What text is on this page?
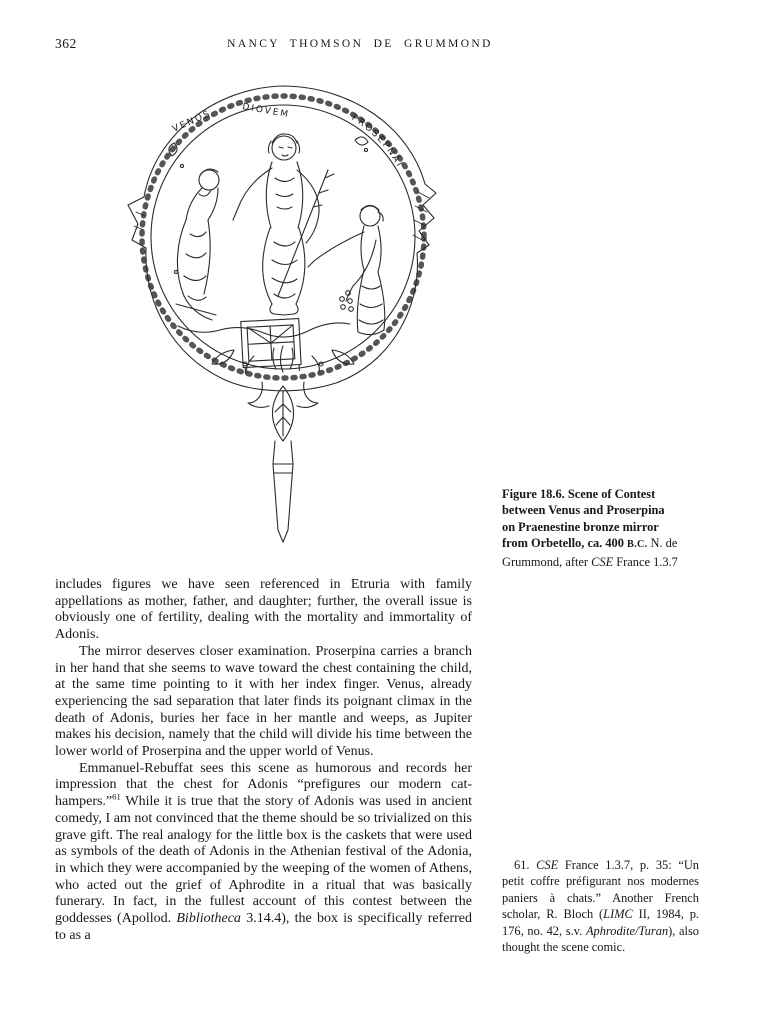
362	NANCY THOMSON DE GRUMMOND
VENOS	DIOVEM	PROSEPNAI
Figure 18.6. Scene of Contest between Venus and Proserpina on Praenestine bronze mirror from Orbetello, ca. 400 B.C. N. de Grummond, after CSE France 1.3.7

includes figures we have seen referenced in Etruria with family appellations as mother, father, and daughter; further, the overall issue is obviously one of fertility, dealing with the mortality and immortality of Adonis.

The mirror deserves closer examination. Proserpina carries a branch in her hand that she seems to wave toward the chest containing the child, at the same time pointing to it with her index finger. Venus, already experiencing the sad separation that later finds its poignant climax in the death of Adonis, buries her face in her mantle and weeps, as Jupiter makes his decision, namely that the child will divide his time between the lower world of Proserpina and the upper world of Venus.

Emmanuel-Rebuffat sees this scene as humorous and records her impression that the chest for Adonis “prefigures our modern cat-hampers.”$^{61}$ While it is true that the story of Adonis was used in ancient comedy, I am not convinced that the theme should be so trivialized on this grave gift. The real analogy for the little box is the caskets that were used as symbols of the death of Adonis in the Athenian festival of the Adonia, in which they were accompanied by the weeping of the women of Athens, who acted out the grief of Aphrodite in a ritual that was basically funerary. In fact, in the fullest account of this contest between the goddesses (Apollod. Bibliotheca 3.14.4), the box is specifically referred to as a

61. CSE France 1.3.7, p. 35: “Un petit coffre préfigurant nos modernes paniers à chats.” Another French scholar, R. Bloch (LIMC II, 1984, p. 176, no. 42, s.v. Aphrodite/Turan), also thought the scene comic.
